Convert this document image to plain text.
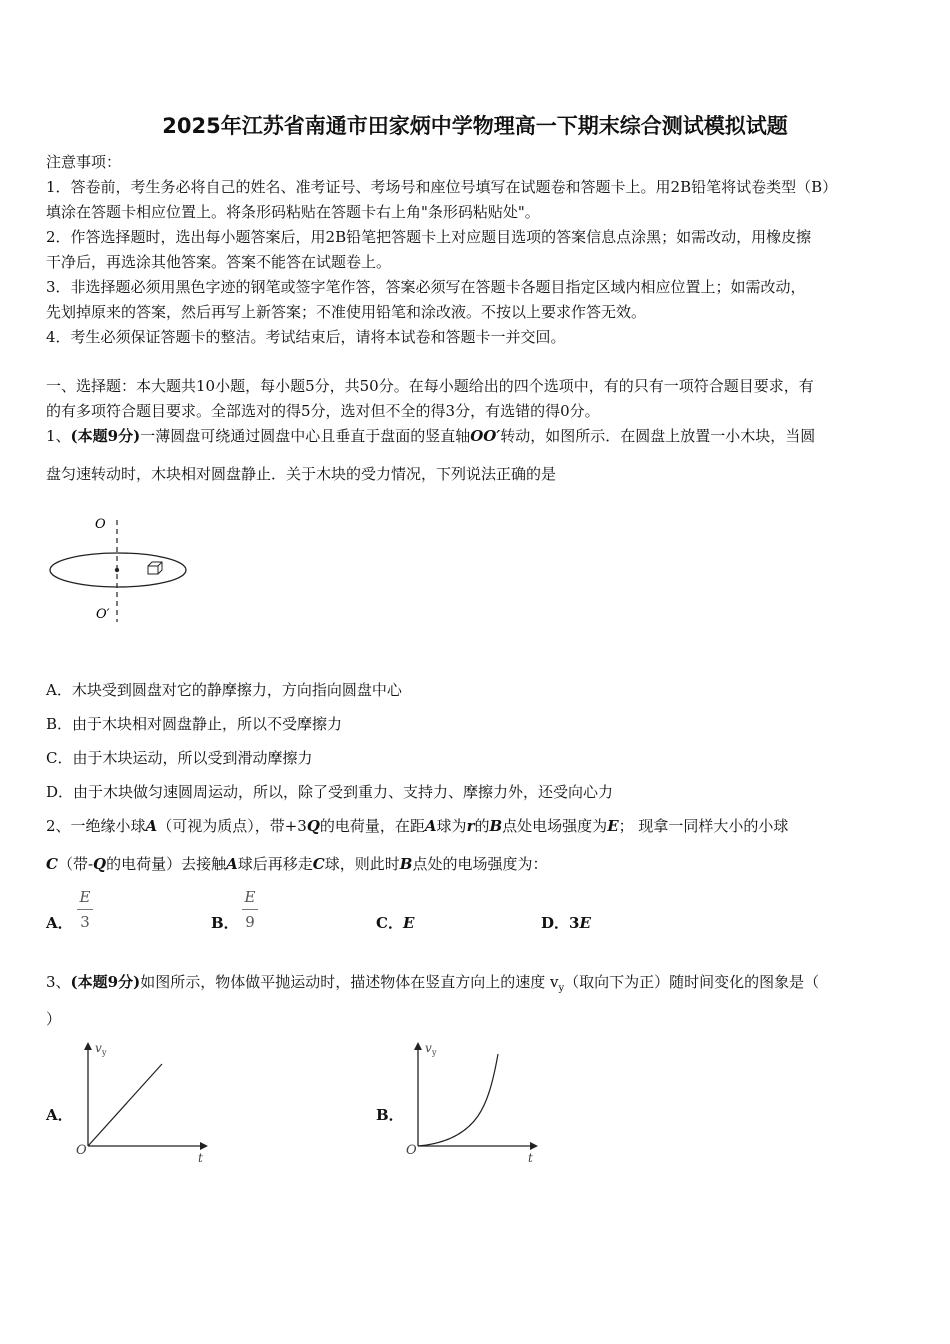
2025年江苏省南通市田家炳中学物理高一下期末综合测试模拟试题
注意事项：
1．答卷前，考生务必将自己的姓名、准考证号、考场号和座位号填写在试题卷和答题卡上。用2B铅笔将试卷类型（B）
填涂在答题卡相应位置上。将条形码粘贴在答题卡右上角"条形码粘贴处"。
2．作答选择题时，选出每小题答案后，用2B铅笔把答题卡上对应题目选项的答案信息点涂黑；如需改动，用橡皮擦
干净后，再选涂其他答案。答案不能答在试题卷上。
3．非选择题必须用黑色字迹的钢笔或签字笔作答，答案必须写在答题卡各题目指定区域内相应位置上；如需改动，
先划掉原来的答案，然后再写上新答案；不准使用铅笔和涂改液。不按以上要求作答无效。
4．考生必须保证答题卡的整洁。考试结束后，请将本试卷和答题卡一并交回。
一、选择题：本大题共10小题，每小题5分，共50分。在每小题给出的四个选项中，有的只有一项符合题目要求，有
的有多项符合题目要求。全部选对的得5分，选对但不全的得3分，有选错的得0分。
1、(本题9分)一薄圆盘可绕通过圆盘中心且垂直于盘面的竖直轴OO′转动，如图所示．在圆盘上放置一小木块，当圆
盘匀速转动时，木块相对圆盘静止．关于木块的受力情况，下列说法正确的是
O
O′
A．木块受到圆盘对它的静摩擦力，方向指向圆盘中心
B．由于木块相对圆盘静止，所以不受摩擦力
C．由于木块运动，所以受到滑动摩擦力
D．由于木块做匀速圆周运动，所以，除了受到重力、支持力、摩擦力外，还受向心力
2、一绝缘小球A（可视为质点），带+3Q的电荷量，在距A球为r的B点处电场强度为E； 现拿一同样大小的小球
C（带-Q的电荷量）去接触A球后再移走C球，则此时B点处的电场强度为：
A．
E
3	B．
E
9	C．E	D．3E
3、(本题9分)如图所示，物体做平抛运动时，描述物体在竖直方向上的速度 $v_y$（取向下为正）随时间变化的图象是（
）
A．
v y
t
O
B．
v y
t
O
